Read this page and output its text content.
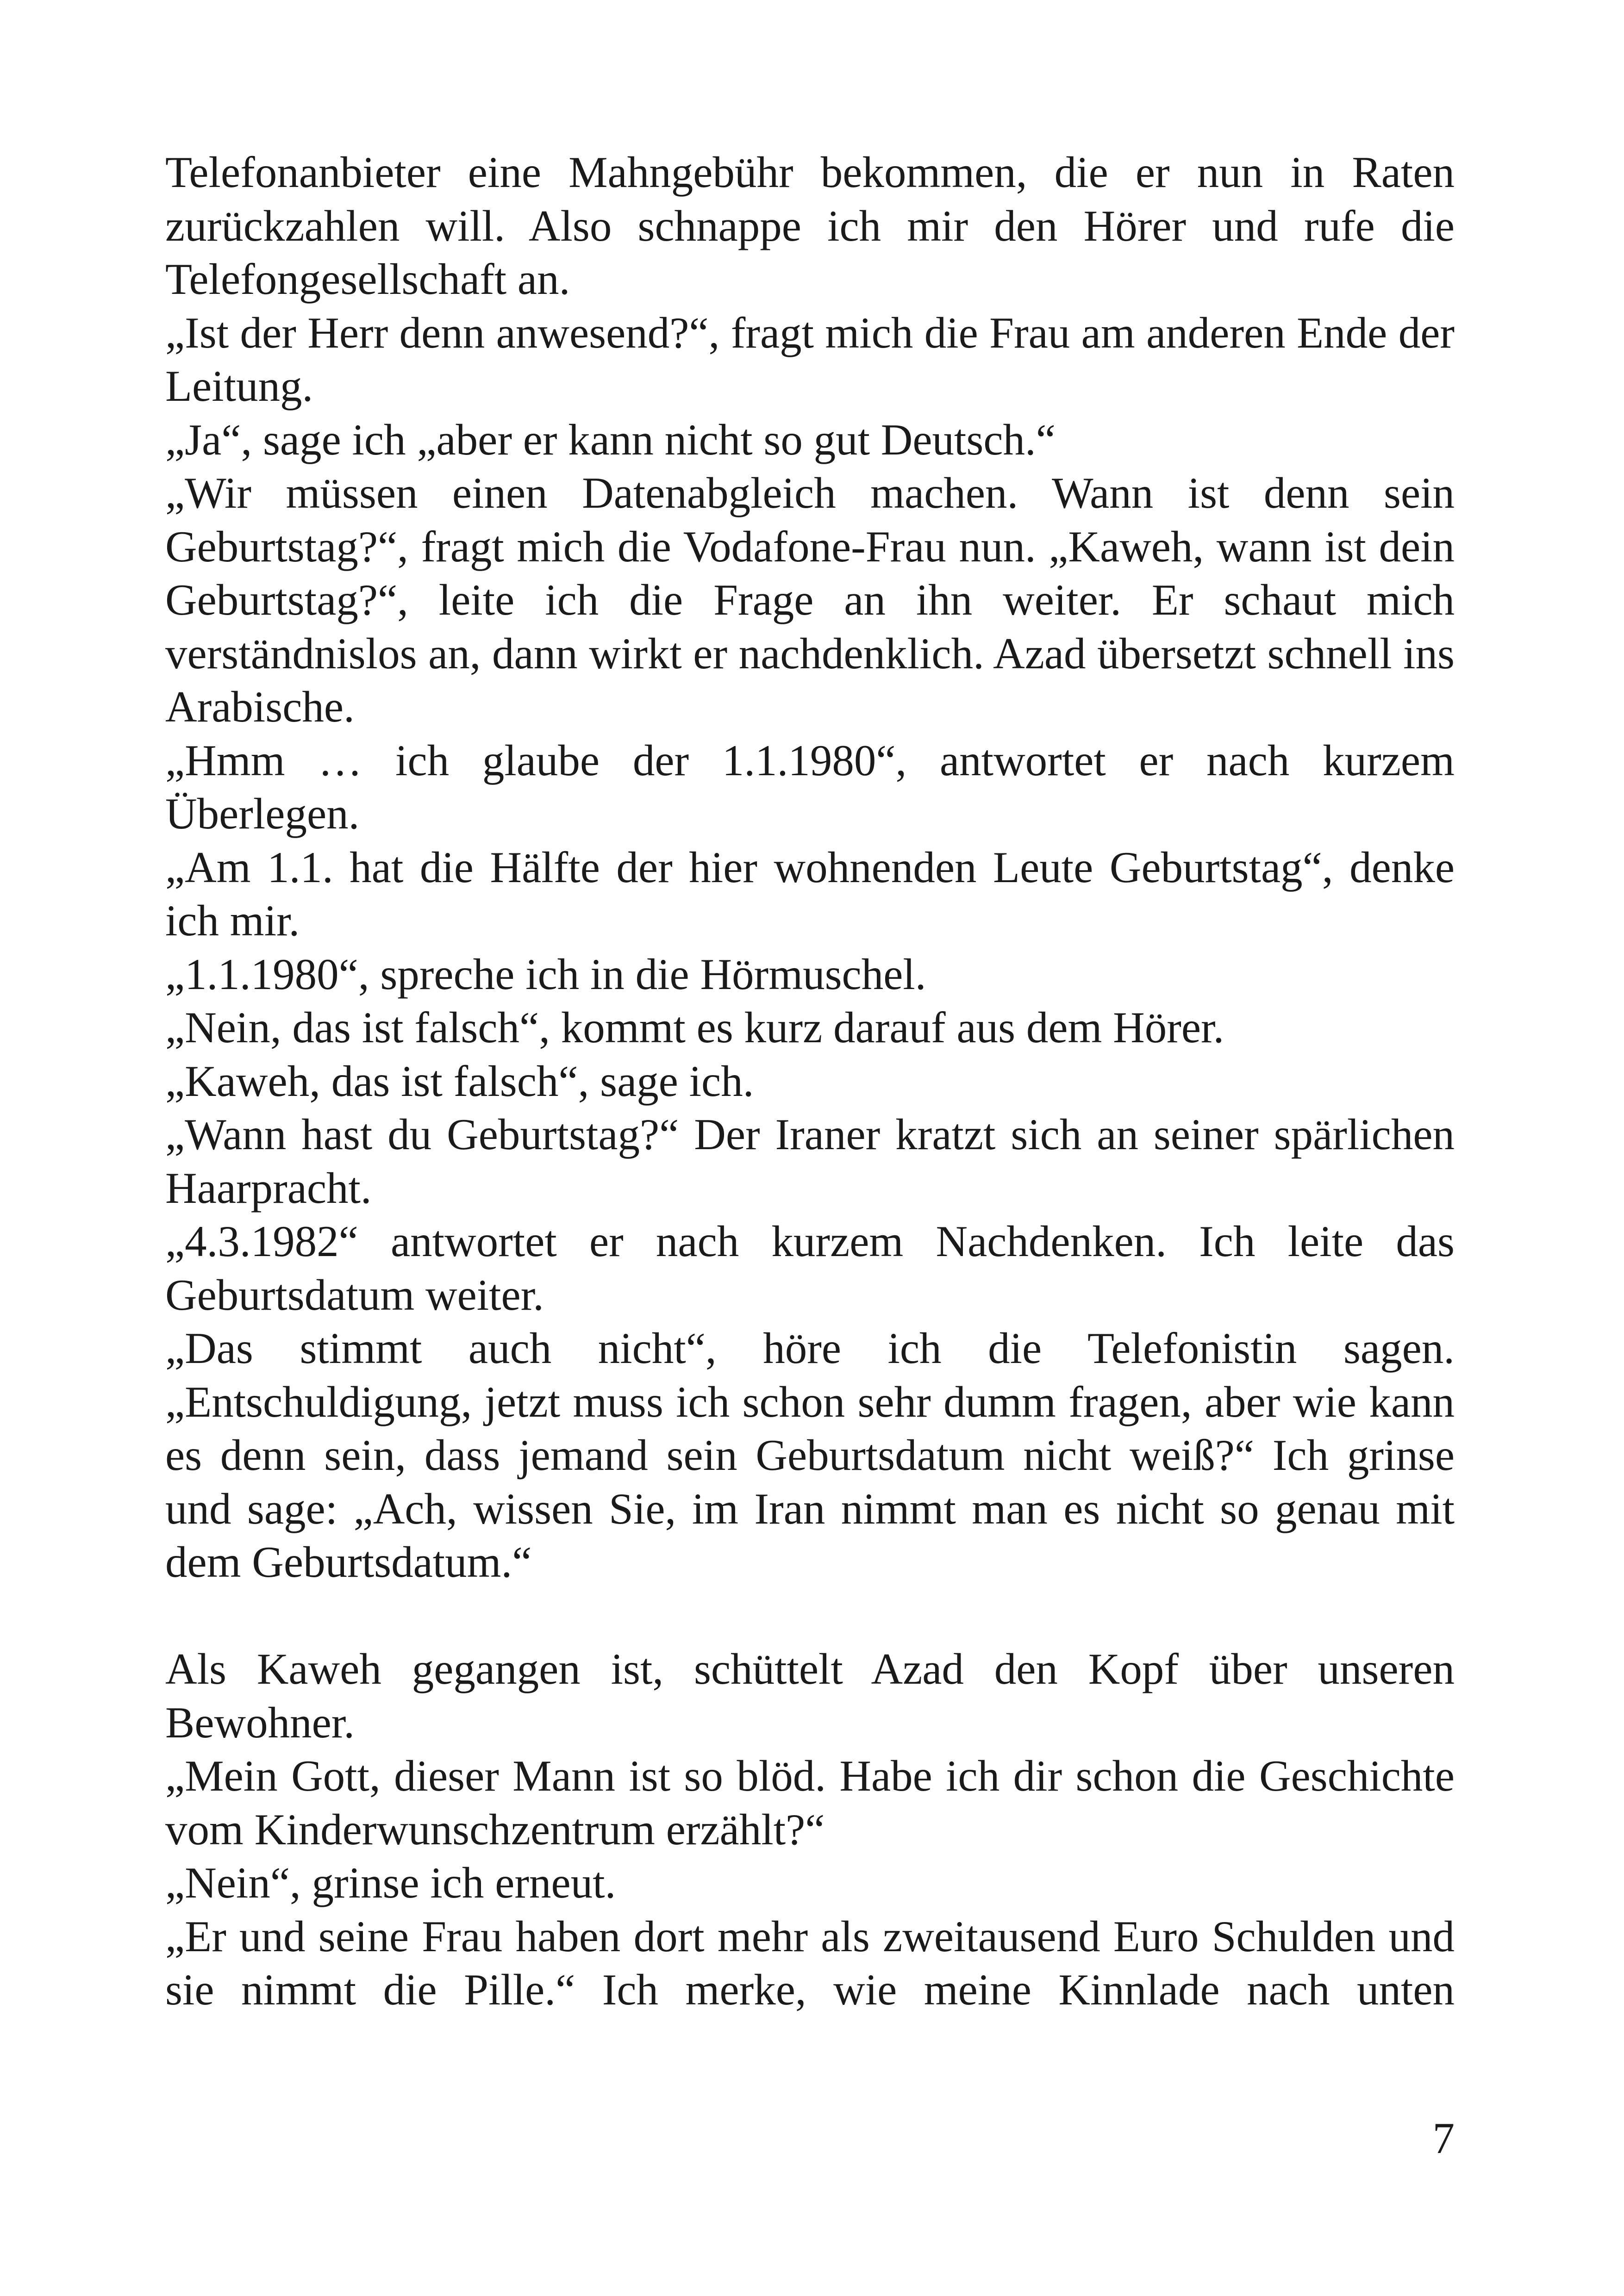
Telefonanbieter eine Mahngebühr bekommen, die er nun in Raten zurückzahlen will. Also schnappe ich mir den Hörer und rufe die Telefongesellschaft an.

„Ist der Herr denn anwesend?“, fragt mich die Frau am anderen Ende der Leitung.

„Ja“, sage ich „aber er kann nicht so gut Deutsch.“

„Wir müssen einen Datenabgleich machen. Wann ist denn sein Geburtstag?“, fragt mich die Vodafone-Frau nun. „Kaweh, wann ist dein Geburtstag?“, leite ich die Frage an ihn weiter. Er schaut mich verständnislos an, dann wirkt er nachdenklich. Azad übersetzt schnell ins Arabische.

„Hmm … ich glaube der 1.1.1980“, antwortet er nach kurzem Überlegen.

„Am 1.1. hat die Hälfte der hier wohnenden Leute Geburtstag“, denke ich mir.

„1.1.1980“, spreche ich in die Hörmuschel.

„Nein, das ist falsch“, kommt es kurz darauf aus dem Hörer.

„Kaweh, das ist falsch“, sage ich.

„Wann hast du Geburtstag?“ Der Iraner kratzt sich an seiner spärlichen Haarpracht.

„4.3.1982“ antwortet er nach kurzem Nachdenken. Ich leite das Geburtsdatum weiter.

„Das stimmt auch nicht“, höre ich die Telefonistin sagen. „Entschuldigung, jetzt muss ich schon sehr dumm fragen, aber wie kann es denn sein, dass jemand sein Geburtsdatum nicht weiß?“ Ich grinse und sage: „Ach, wissen Sie, im Iran nimmt man es nicht so genau mit dem Geburtsdatum.“

Als Kaweh gegangen ist, schüttelt Azad den Kopf über unseren Bewohner.

„Mein Gott, dieser Mann ist so blöd. Habe ich dir schon die Geschichte vom Kinderwunschzentrum erzählt?“

„Nein“, grinse ich erneut.

„Er und seine Frau haben dort mehr als zweitausend Euro Schulden und sie nimmt die Pille.“ Ich merke, wie meine Kinnlade nach unten

7
